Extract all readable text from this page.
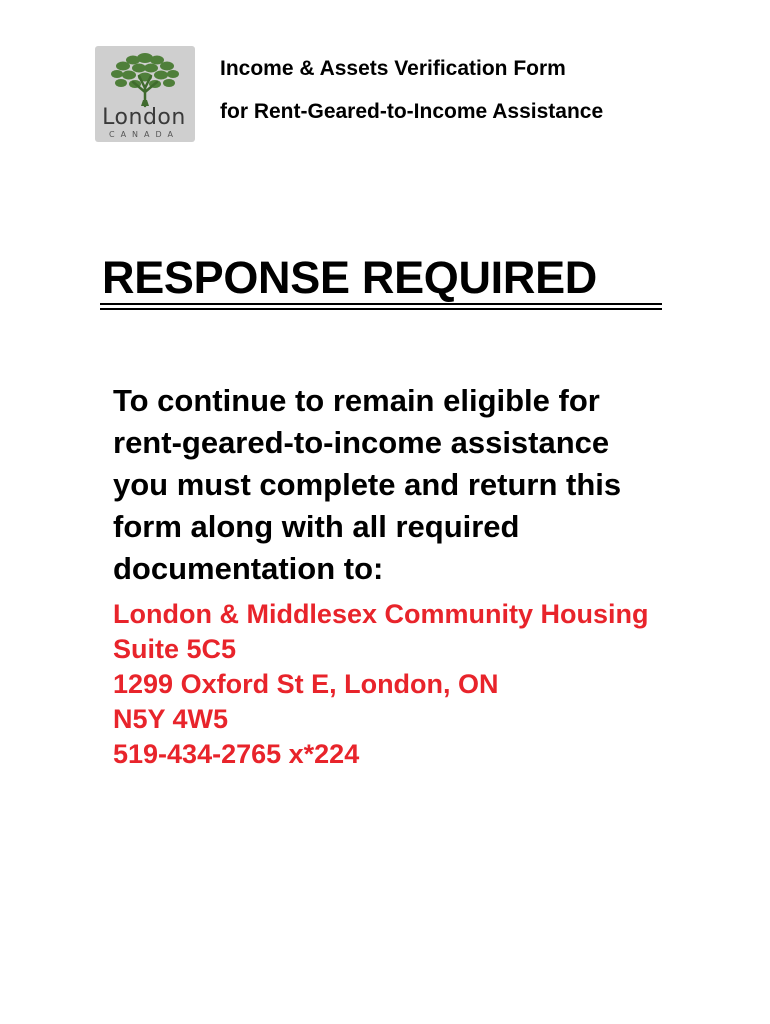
London
CANADA
Income & Assets Verification Form
for Rent-Geared-to-Income Assistance
RESPONSE REQUIRED
To continue to remain eligible for
rent-geared-to-income assistance
you must complete and return this
form along with all required
documentation to:
London & Middlesex Community Housing
Suite 5C5
1299 Oxford St E, London, ON
N5Y 4W5
519-434-2765 x*224
